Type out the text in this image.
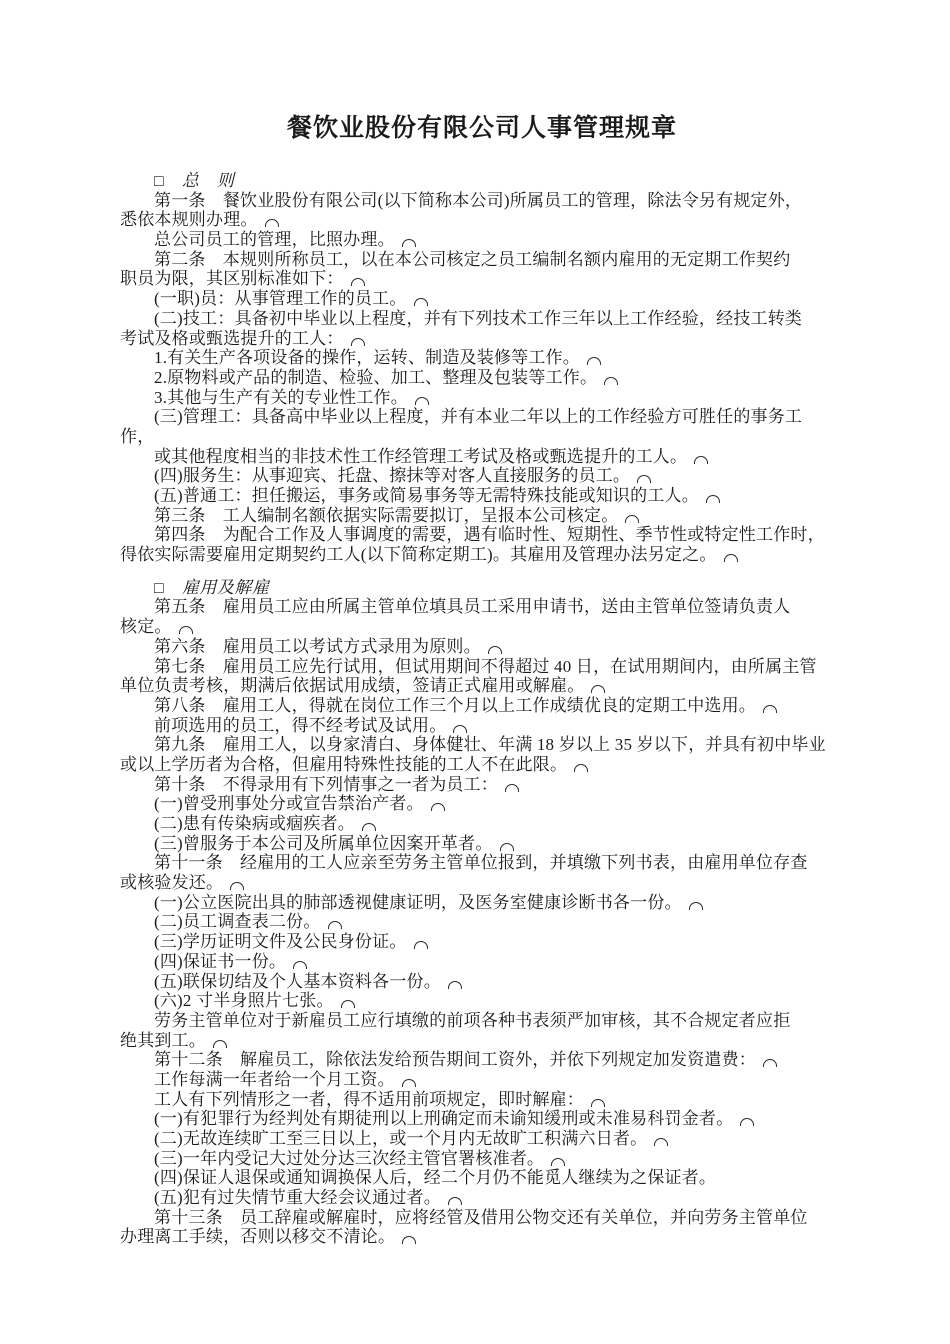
餐饮业股份有限公司人事管理规章
□ 总　则
第一条　餐饮业股份有限公司(以下简称本公司)所属员工的管理，除法令另有规定外，
悉依本规则办理。
总公司员工的管理，比照办理。
第二条　本规则所称员工，以在本公司核定之员工编制名额内雇用的无定期工作契约
职员为限，其区别标准如下：
(一职)员：从事管理工作的员工。
(二)技工：具备初中毕业以上程度，并有下列技术工作三年以上工作经验，经技工转类
考试及格或甄选提升的工人：
1.有关生产各项设备的操作，运转、制造及装修等工作。
2.原物料或产品的制造、检验、加工、整理及包装等工作。
3.其他与生产有关的专业性工作。
(三)管理工：具备高中毕业以上程度，并有本业二年以上的工作经验方可胜任的事务工
作，
或其他程度相当的非技术性工作经管理工考试及格或甄选提升的工人。
(四)服务生：从事迎宾、托盘、擦抹等对客人直接服务的员工。
(五)普通工：担任搬运，事务或简易事务等无需特殊技能或知识的工人。
第三条　工人编制名额依据实际需要拟订，呈报本公司核定。
第四条　为配合工作及人事调度的需要，遇有临时性、短期性、季节性或特定性工作时，
得依实际需要雇用定期契约工人(以下简称定期工)。其雇用及管理办法另定之。
□ 雇用及解雇
第五条　雇用员工应由所属主管单位填具员工采用申请书，送由主管单位签请负责人
核定。
第六条　雇用员工以考试方式录用为原则。
第七条　雇用员工应先行试用，但试用期间不得超过 40 日，在试用期间内，由所属主管
单位负责考核，期满后依据试用成绩，签请正式雇用或解雇。
第八条　雇用工人，得就在岗位工作三个月以上工作成绩优良的定期工中选用。
前项选用的员工，得不经考试及试用。
第九条　雇用工人，以身家清白、身体健壮、年满 18 岁以上 35 岁以下，并具有初中毕业
或以上学历者为合格，但雇用特殊性技能的工人不在此限。
第十条　不得录用有下列情事之一者为员工：
(一)曾受刑事处分或宣告禁治产者。
(二)患有传染病或痼疾者。
(三)曾服务于本公司及所属单位因案开革者。
第十一条　经雇用的工人应亲至劳务主管单位报到，并填缴下列书表，由雇用单位存查
或核验发还。
(一)公立医院出具的肺部透视健康证明，及医务室健康诊断书各一份。
(二)员工调查表二份。
(三)学历证明文件及公民身份证。
(四)保证书一份。
(五)联保切结及个人基本资料各一份。
(六)2 寸半身照片七张。
劳务主管单位对于新雇员工应行填缴的前项各种书表须严加审核，其不合规定者应拒
绝其到工。
第十二条　解雇员工，除依法发给预告期间工资外，并依下列规定加发资遣费：
工作每满一年者给一个月工资。
工人有下列情形之一者，得不适用前项规定，即时解雇：
(一)有犯罪行为经判处有期徒刑以上刑确定而未谕知缓刑或未准易科罚金者。
(二)无故连续旷工至三日以上，或一个月内无故旷工积满六日者。
(三)一年内受记大过处分达三次经主管官署核准者。
(四)保证人退保或通知调换保人后，经二个月仍不能觅人继续为之保证者。
(五)犯有过失情节重大经会议通过者。
第十三条　员工辞雇或解雇时，应将经管及借用公物交还有关单位，并向劳务主管单位
办理离工手续，否则以移交不清论。
